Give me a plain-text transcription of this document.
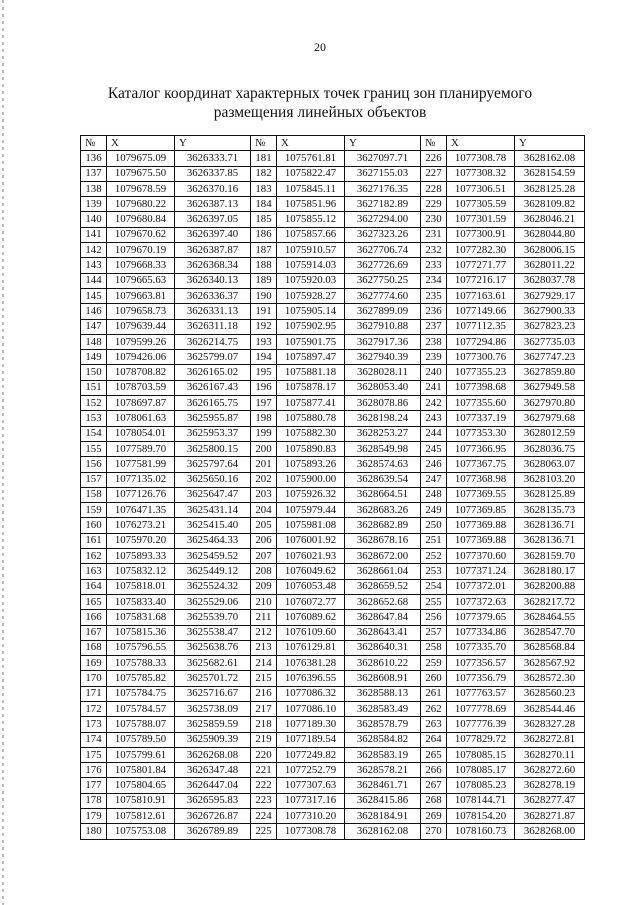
20
Каталог координат характерных точек границ зон планируемого
размещения линейных объектов
№	X	Y	№	X	Y	№	X	Y
136	1079675.09	3626333.71	181	1075761.81	3627097.71	226	1077308.78	3628162.08
137	1079675.50	3626337.85	182	1075822.47	3627155.03	227	1077308.32	3628154.59
138	1079678.59	3626370.16	183	1075845.11	3627176.35	228	1077306.51	3628125.28
139	1079680.22	3626387.13	184	1075851.96	3627182.89	229	1077305.59	3628109.82
140	1079680.84	3626397.05	185	1075855.12	3627294.00	230	1077301.59	3628046.21
141	1079670.62	3626397.40	186	1075857.66	3627323.26	231	1077300.91	3628044.80
142	1079670.19	3626387.87	187	1075910.57	3627706.74	232	1077282.30	3628006.15
143	1079668.33	3626368.34	188	1075914.03	3627726.69	233	1077271.77	3628011.22
144	1079665.63	3626340.13	189	1075920.03	3627750.25	234	1077216.17	3628037.78
145	1079663.81	3626336.37	190	1075928.27	3627774.60	235	1077163.61	3627929.17
146	1079658.73	3626331.13	191	1075905.14	3627899.09	236	1077149.66	3627900.33
147	1079639.44	3626311.18	192	1075902.95	3627910.88	237	1077112.35	3627823.23
148	1079599.26	3626214.75	193	1075901.75	3627917.36	238	1077294.86	3627735.03
149	1079426.06	3625799.07	194	1075897.47	3627940.39	239	1077300.76	3627747.23
150	1078708.82	3626165.02	195	1075881.18	3628028.11	240	1077355.23	3627859.80
151	1078703.59	3626167.43	196	1075878.17	3628053.40	241	1077398.68	3627949.58
152	1078697.87	3626165.75	197	1075877.41	3628078.86	242	1077355.60	3627970.80
153	1078061.63	3625955.87	198	1075880.78	3628198.24	243	1077337.19	3627979.68
154	1078054.01	3625953.37	199	1075882.30	3628253.27	244	1077353.30	3628012.59
155	1077589.70	3625800.15	200	1075890.83	3628549.98	245	1077366.95	3628036.75
156	1077581.99	3625797.64	201	1075893.26	3628574.63	246	1077367.75	3628063.07
157	1077135.02	3625650.16	202	1075900.00	3628639.54	247	1077368.98	3628103.20
158	1077126.76	3625647.47	203	1075926.32	3628664.51	248	1077369.55	3628125.89
159	1076471.35	3625431.14	204	1075979.44	3628683.26	249	1077369.85	3628135.73
160	1076273.21	3625415.40	205	1075981.08	3628682.89	250	1077369.88	3628136.71
161	1075970.20	3625464.33	206	1076001.92	3628678.16	251	1077369.88	3628136.71
162	1075893.33	3625459.52	207	1076021.93	3628672.00	252	1077370.60	3628159.70
163	1075832.12	3625449.12	208	1076049.62	3628661.04	253	1077371.24	3628180.17
164	1075818.01	3625524.32	209	1076053.48	3628659.52	254	1077372.01	3628200.88
165	1075833.40	3625529.06	210	1076072.77	3628652.68	255	1077372.63	3628217.72
166	1075831.68	3625539.70	211	1076089.62	3628647.84	256	1077379.65	3628464.55
167	1075815.36	3625538.47	212	1076109.60	3628643.41	257	1077334.86	3628547.70
168	1075796.55	3625638.76	213	1076129.81	3628640.31	258	1077335.70	3628568.84
169	1075788.33	3625682.61	214	1076381.28	3628610.22	259	1077356.57	3628567.92
170	1075785.82	3625701.72	215	1076396.55	3628608.91	260	1077356.79	3628572.30
171	1075784.75	3625716.67	216	1077086.32	3628588.13	261	1077763.57	3628560.23
172	1075784.57	3625738.09	217	1077086.10	3628583.49	262	1077778.69	3628544.46
173	1075788.07	3625859.59	218	1077189.30	3628578.79	263	1077776.39	3628327.28
174	1075789.50	3625909.39	219	1077189.54	3628584.82	264	1077829.72	3628272.81
175	1075799.61	3626268.08	220	1077249.82	3628583.19	265	1078085.15	3628270.11
176	1075801.84	3626347.48	221	1077252.79	3628578.21	266	1078085.17	3628272.60
177	1075804.65	3626447.04	222	1077307.63	3628461.71	267	1078085.23	3628278.19
178	1075810.91	3626595.83	223	1077317.16	3628415.86	268	1078144.71	3628277.47
179	1075812.61	3626726.87	224	1077310.20	3628184.91	269	1078154.20	3628271.87
180	1075753.08	3626789.89	225	1077308.78	3628162.08	270	1078160.73	3628268.00
